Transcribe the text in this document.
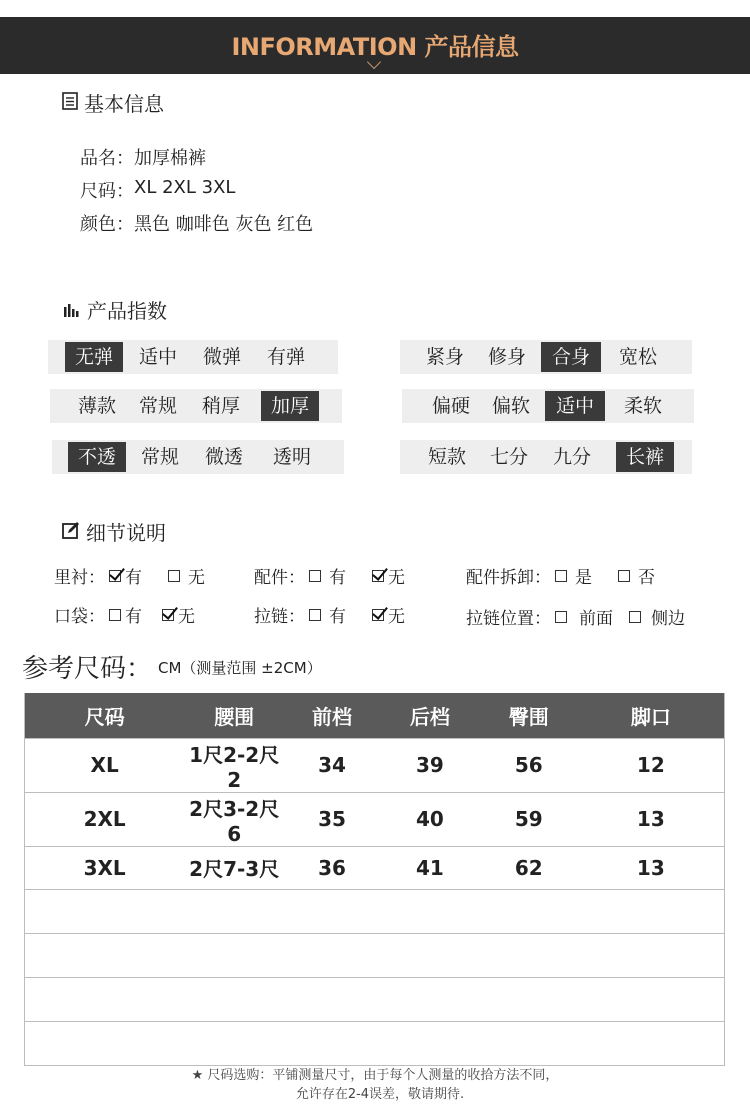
INFORMATION 产品信息
基本信息
品名： 加厚棉裤
尺码： XL 2XL 3XL
颜色： 黑色 咖啡色 灰色 红色
产品指数
无弹	适中	微弹	有弹	紧身	修身	合身	宽松
薄款	常规	稍厚	加厚	偏硬	偏软	适中	柔软
不透	常规	微透	透明	短款	七分	九分	长裤
细节说明
里衬： 有	无	配件： 有 无	配件拆卸： 是	否
口袋： 有 无	拉链： 有 无	拉链位置： 前面 侧边
参考尺码： CM（测量范围 ±2CM）
尺码	腰围	前档	后档	臀围	脚口
XL	1尺2-2尺2	34	39	56	12
2XL	2尺3-2尺6	35	40	59	13
3XL	2尺7-3尺	36	41	62	13

★ 尺码选购：平铺测量尺寸，由于每个人测量的收拾方法不同，
允许存在2-4误差，敬请期待.
